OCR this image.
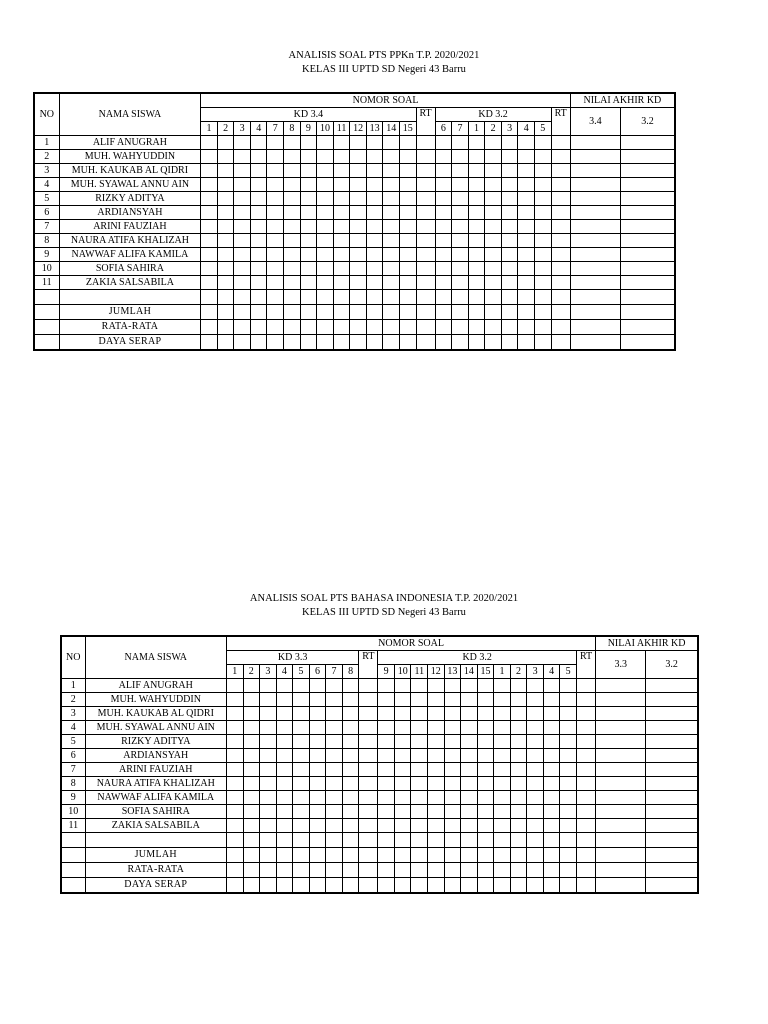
ANALISIS SOAL PTS PPKn T.P. 2020/2021
KELAS III UPTD SD Negeri 43 Barru
NO	NAMA SISWA	NOMOR SOAL																						NILAI AKHIR KD	
		KD 3.4													RT	KD 3.2							RT	3.4	3.2
		1	2	3	4	7	8	9	10	11	12	13	14	15		6	7	1	2	3	4	5			
1	ALIF ANUGRAH																								
2	MUH. WAHYUDDIN																								
3	MUH. KAUKAB AL QIDRI																								
4	MUH. SYAWAL ANNU AIN																								
5	RIZKY ADITYA																								
6	ARDIANSYAH																								
7	ARINI FAUZIAH																								
8	NAURA ATIFA KHALIZAH																								
9	NAWWAF ALIFA KAMILA																								
10	SOFIA SAHIRA																								
11	ZAKIA SALSABILA																								

	JUMLAH																								
	RATA-RATA																								
	DAYA SERAP																								
ANALISIS SOAL PTS BAHASA INDONESIA T.P. 2020/2021
KELAS III UPTD SD Negeri 43 Barru
NO	NAMA SISWA	NOMOR SOAL																						NILAI AKHIR KD	
		KD 3.3								RT	KD 3.2												RT	3.3	3.2
		1	2	3	4	5	6	7	8		9	10	11	12	13	14	15	1	2	3	4	5			
1	ALIF ANUGRAH																								
2	MUH. WAHYUDDIN																								
3	MUH. KAUKAB AL QIDRI																								
4	MUH. SYAWAL ANNU AIN																								
5	RIZKY ADITYA																								
6	ARDIANSYAH																								
7	ARINI FAUZIAH																								
8	NAURA ATIFA KHALIZAH																								
9	NAWWAF ALIFA KAMILA																								
10	SOFIA SAHIRA																								
11	ZAKIA SALSABILA																								

	JUMLAH																								
	RATA-RATA																								
	DAYA SERAP																								
